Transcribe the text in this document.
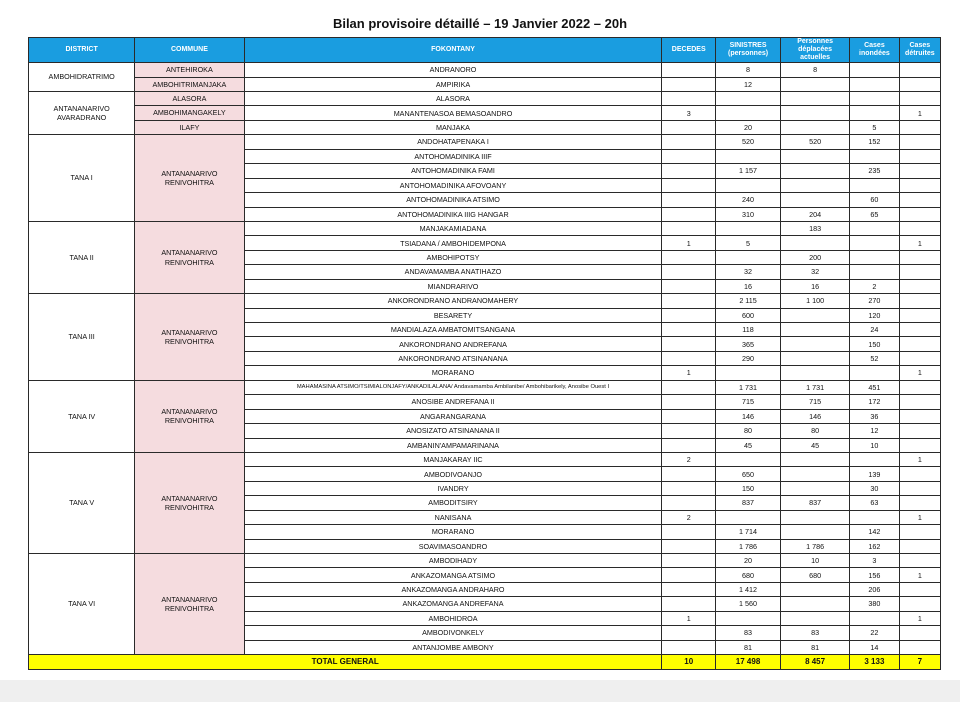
Bilan provisoire détaillé – 19 Janvier 2022 – 20h
DISTRICT	COMMUNE	FOKONTANY	DECEDES	SINISTRES (personnes)	Personnes déplacées actuelles	Cases inondées	Cases détruites
AMBOHIDRATRIMO	ANTEHIROKA	ANDRANORO		8	8		
	AMBOHITRIMANJAKA	AMPIRIKA		12			
ANTANANARIVO AVARADRANO	ALASORA	ALASORA					
	AMBOHIMANGAKELY	MANANTENASOA BEMASOANDRO	3				1
	ILAFY	MANJAKA		20		5	
TANA I	ANTANANARIVO RENIVOHITRA	ANDOHATAPENAKA I		520	520	152	
		ANTOHOMADINIKA IIIF					
		ANTOHOMADINIKA FAMI		1 157		235	
		ANTOHOMADINIKA AFOVOANY					
		ANTOHOMADINIKA ATSIMO		240		60	
		ANTOHOMADINIKA IIIG HANGAR		310	204	65	
TANA II	ANTANANARIVO RENIVOHITRA	MANJAKAMIADANA			183		
		TSIADANA / AMBOHIDEMPONA	1	5			1
		AMBOHIPOTSY			200		
		ANDAVAMAMBA ANATIHAZO		32	32		
		MIANDRARIVO		16	16	2	
TANA III	ANTANANARIVO RENIVOHITRA	ANKORONDRANO ANDRANOMAHERY		2 115	1 100	270	
		BESARETY		600		120	
		MANDIALAZA AMBATOMITSANGANA		118		24	
		ANKORONDRANO ANDREFANA		365		150	
		ANKORONDRANO ATSINANANA		290		52	
		MORARANO	1				1
TANA IV	ANTANANARIVO RENIVOHITRA	MAHAMASINA ATSIMO/TSIMIALONJAFY/ANKADILALANA/ Andavamamba Ambilanibe/ Ambohibarikely, Anosibe Ouest I		1 731	1 731	451	
		ANOSIBE ANDREFANA II		715	715	172	
		ANGARANGARANA		146	146	36	
		ANOSIZATO ATSINANANA II		80	80	12	
		AMBANIN'AMPAMARINANA		45	45	10	
TANA V	ANTANANARIVO RENIVOHITRA	MANJAKARAY IIC	2				1
		AMBODIVOANJO		650		139	
		IVANDRY		150		30	
		AMBODITSIRY		837	837	63	
		NANISANA	2				1
		MORARANO		1 714		142	
		SOAVIMASOANDRO		1 786	1 786	162	
TANA VI	ANTANANARIVO RENIVOHITRA	AMBODIHADY		20	10	3	
		ANKAZOMANGA ATSIMO		680	680	156	1
		ANKAZOMANGA ANDRAHARO		1 412		206	
		ANKAZOMANGA ANDREFANA		1 560		380	
		AMBOHIDROA	1				1
		AMBODIVONKELY		83	83	22	
		ANTANJOMBE AMBONY		81	81	14	
TOTAL GENERAL			10	17 498	8 457	3 133	7
